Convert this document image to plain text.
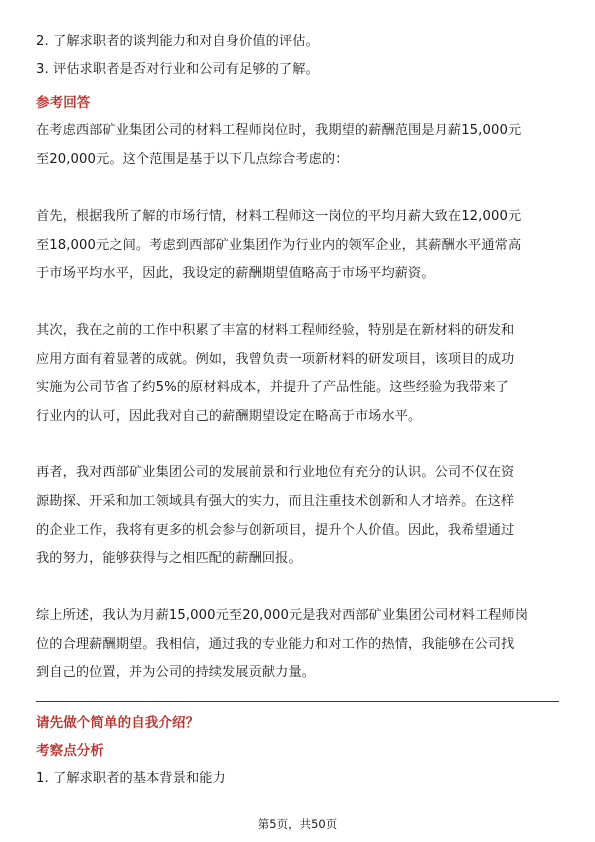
2. 了解求职者的谈判能力和对自身价值的评估。
3. 评估求职者是否对行业和公司有足够的了解。
参考回答
在考虑西部矿业集团公司的材料工程师岗位时，我期望的薪酬范围是月薪15,000元
至20,000元。这个范围是基于以下几点综合考虑的：
首先，根据我所了解的市场行情，材料工程师这一岗位的平均月薪大致在12,000元
至18,000元之间。考虑到西部矿业集团作为行业内的领军企业，其薪酬水平通常高
于市场平均水平，因此，我设定的薪酬期望值略高于市场平均薪资。
其次，我在之前的工作中积累了丰富的材料工程师经验，特别是在新材料的研发和
应用方面有着显著的成就。例如，我曾负责一项新材料的研发项目，该项目的成功
实施为公司节省了约5%的原材料成本，并提升了产品性能。这些经验为我带来了
行业内的认可，因此我对自己的薪酬期望设定在略高于市场水平。
再者，我对西部矿业集团公司的发展前景和行业地位有充分的认识。公司不仅在资
源勘探、开采和加工领域具有强大的实力，而且注重技术创新和人才培养。在这样
的企业工作，我将有更多的机会参与创新项目，提升个人价值。因此，我希望通过
我的努力，能够获得与之相匹配的薪酬回报。
综上所述，我认为月薪15,000元至20,000元是我对西部矿业集团公司材料工程师岗
位的合理薪酬期望。我相信，通过我的专业能力和对工作的热情，我能够在公司找
到自己的位置，并为公司的持续发展贡献力量。
请先做个简单的自我介绍？
考察点分析
1. 了解求职者的基本背景和能力
第5页，共50页
